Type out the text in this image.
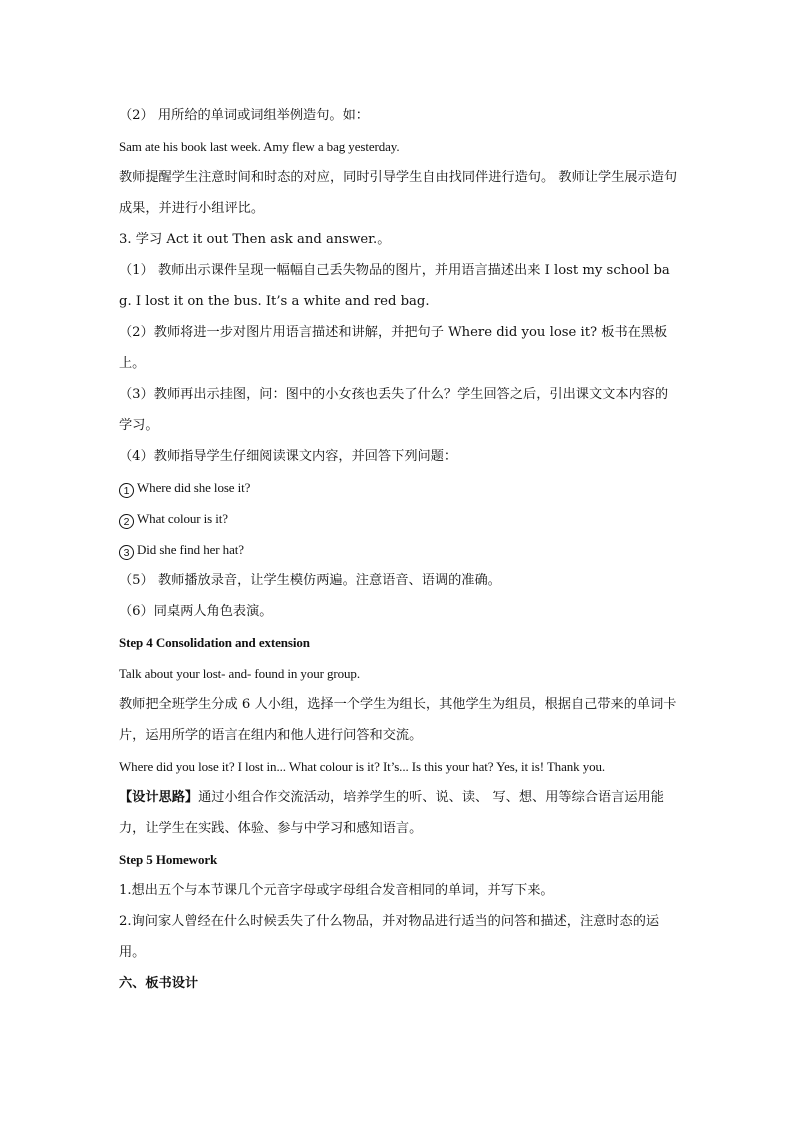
（2） 用所给的单词或词组举例造句。如：

Sam ate his book last week. Amy flew a bag yesterday.

教师提醒学生注意时间和时态的对应，同时引导学生自由找同伴进行造句。 教师让学生展示造句成果，并进行小组评比。

3. 学习 Act it out Then ask and answer.。

（1） 教师出示课件呈现一幅幅自己丢失物品的图片，并用语言描述出来 I lost my school bag. I lost it on the bus. It’s a white and red bag.

（2）教师将进一步对图片用语言描述和讲解，并把句子 Where did you lose it? 板书在黑板上。

（3）教师再出示挂图，问：图中的小女孩也丢失了什么？学生回答之后，引出课文文本内容的学习。

（4）教师指导学生仔细阅读课文内容，并回答下列问题：

1 Where did she lose it?

2 What colour is it?

3 Did she find her hat?

（5） 教师播放录音，让学生模仿两遍。注意语音、语调的准确。

（6）同桌两人角色表演。

Step 4 Consolidation and extension

Talk about your lost- and- found in your group.

教师把全班学生分成 6 人小组，选择一个学生为组长，其他学生为组员，根据自己带来的单词卡片，运用所学的语言在组内和他人进行问答和交流。

Where did you lose it? I lost in... What colour is it? It’s... Is this your hat? Yes, it is! Thank you.

【设计思路】通过小组合作交流活动，培养学生的听、说、读、 写、想、用等综合语言运用能力，让学生在实践、体验、参与中学习和感知语言。

Step 5 Homework

1.想出五个与本节课几个元音字母或字母组合发音相同的单词，并写下来。

2.询问家人曾经在什么时候丢失了什么物品，并对物品进行适当的问答和描述，注意时态的运用。

六、板书设计
